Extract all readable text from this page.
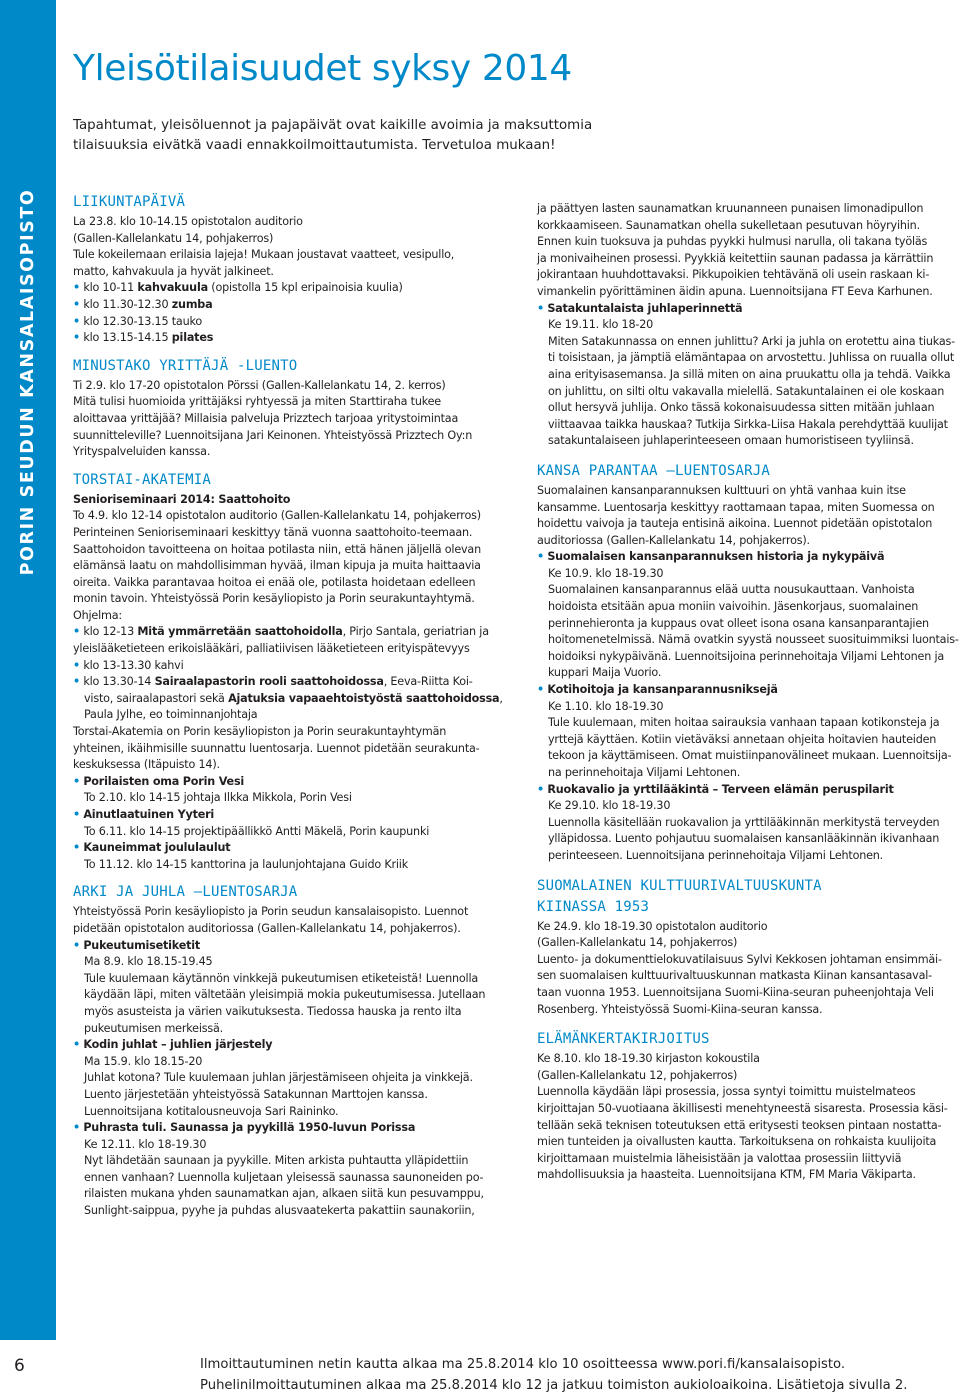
PORIN SEUDUN KANSALAISOPISTO
Yleisötilaisuudet syksy 2014
Tapahtumat, yleisöluennot ja pajapäivät ovat kaikille avoimia ja maksuttomia
tilaisuuksia eivätkä vaadi ennakkoilmoittautumista. Tervetuloa mukaan!
LIIKUNTAPÄIVÄ
La 23.8. klo 10-14.15 opistotalon auditorio
(Gallen-Kallelankatu 14, pohjakerros)
Tule kokeilemaan erilaisia lajeja! Mukaan joustavat vaatteet, vesipullo,
matto, kahvakuula ja hyvät jalkineet.
• klo 10-11 kahvakuula (opistolla 15 kpl eripainoisia kuulia)
• klo 11.30-12.30 zumba
• klo 12.30-13.15 tauko
• klo 13.15-14.15 pilates
MINUSTAKO YRITTÄJÄ -LUENTO
Ti 2.9. klo 17-20 opistotalon Pörssi (Gallen-Kallelankatu 14, 2. kerros)
Mitä tulisi huomioida yrittäjäksi ryhtyessä ja miten Starttiraha tukee
aloittavaa yrittäjää? Millaisia palveluja Prizztech tarjoaa yritystoimintaa
suunnitteleville? Luennoitsijana Jari Keinonen. Yhteistyössä Prizztech Oy:n
Yrityspalveluiden kanssa.
TORSTAI-AKATEMIA
Senioriseminaari 2014: Saattohoito
To 4.9. klo 12-14 opistotalon auditorio (Gallen-Kallelankatu 14, pohjakerros)
Perinteinen Senioriseminaari keskittyy tänä vuonna saattohoito-teemaan.
Saattohoidon tavoitteena on hoitaa potilasta niin, että hänen jäljellä olevan
elämänsä laatu on mahdollisimman hyvää, ilman kipuja ja muita haittaavia
oireita. Vaikka parantavaa hoitoa ei enää ole, potilasta hoidetaan edelleen
monin tavoin. Yhteistyössä Porin kesäyliopisto ja Porin seurakuntayhtymä.
Ohjelma:
• klo 12-13 Mitä ymmärretään saattohoidolla, Pirjo Santala, geriatrian ja
yleislääketieteen erikoislääkäri, palliatiivisen lääketieteen erityispätevyys
• klo 13-13.30 kahvi
• klo 13.30-14 Sairaalapastorin rooli saattohoidossa, Eeva-Riitta Koi-
visto, sairaalapastori sekä Ajatuksia vapaaehtoistyöstä saattohoidossa,
Paula Jylhe, eo toiminnanjohtaja
Torstai-Akatemia on Porin kesäyliopiston ja Porin seurakuntayhtymän
yhteinen, ikäihmisille suunnattu luentosarja. Luennot pidetään seurakunta-
keskuksessa (Itäpuisto 14).
• Porilaisten oma Porin Vesi
To 2.10. klo 14-15 johtaja Ilkka Mikkola, Porin Vesi
• Ainutlaatuinen Yyteri
To 6.11. klo 14-15 projektipäällikkö Antti Mäkelä, Porin kaupunki
• Kauneimmat joululaulut
To 11.12. klo 14-15 kanttorina ja laulunjohtajana Guido Kriik
ARKI JA JUHLA –LUENTOSARJA
Yhteistyössä Porin kesäyliopisto ja Porin seudun kansalaisopisto. Luennot
pidetään opistotalon auditoriossa (Gallen-Kallelankatu 14, pohjakerros).
• Pukeutumisetiketit
Ma 8.9. klo 18.15-19.45
Tule kuulemaan käytännön vinkkejä pukeutumisen etiketeistä! Luennolla
käydään läpi, miten vältetään yleisimpiä mokia pukeutumisessa. Jutellaan
myös asusteista ja värien vaikutuksesta. Tiedossa hauska ja rento ilta
pukeutumisen merkeissä.
• Kodin juhlat – juhlien järjestely
Ma 15.9. klo 18.15-20
Juhlat kotona? Tule kuulemaan juhlan järjestämiseen ohjeita ja vinkkejä.
Luento järjestetään yhteistyössä Satakunnan Marttojen kanssa.
Luennoitsijana kotitalousneuvoja Sari Raininko.
• Puhrasta tuli. Saunassa ja pyykillä 1950-luvun Porissa
Ke 12.11. klo 18-19.30
Nyt lähdetään saunaan ja pyykille. Miten arkista puhtautta ylläpidettiin
ennen vanhaan? Luennolla kuljetaan yleisessä saunassa saunoneiden po-
rilaisten mukana yhden saunamatkan ajan, alkaen siitä kun pesuvamppu,
Sunlight-saippua, pyyhe ja puhdas alusvaatekerta pakattiin saunakoriin,
ja päättyen lasten saunamatkan kruunanneen punaisen limonadipullon
korkkaamiseen. Saunamatkan ohella sukelletaan pesutuvan höyryihin.
Ennen kuin tuoksuva ja puhdas pyykki hulmusi narulla, oli takana työläs
ja monivaiheinen prosessi. Pyykkiä keitettiin saunan padassa ja kärrättiin
jokirantaan huuhdottavaksi. Pikkupoikien tehtävänä oli usein raskaan ki-
vimankelin pyörittäminen äidin apuna. Luennoitsijana FT Eeva Karhunen.
• Satakuntalaista juhlaperinnettä
Ke 19.11. klo 18-20
Miten Satakunnassa on ennen juhlittu? Arki ja juhla on erotettu aina tiukas-
ti toisistaan, ja jämptiä elämäntapaa on arvostettu. Juhlissa on ruualla ollut
aina erityisasemansa. Ja sillä miten on aina pruukattu olla ja tehdä. Vaikka
on juhlittu, on silti oltu vakavalla mielellä. Satakuntalainen ei ole koskaan
ollut hersyvä juhlija. Onko tässä kokonaisuudessa sitten mitään juhlaan
viittaavaa taikka hauskaa? Tutkija Sirkka-Liisa Hakala perehdyttää kuulijat
satakuntalaiseen juhlaperinteeseen omaan humoristiseen tyyliinsä.
KANSA PARANTAA –LUENTOSARJA
Suomalainen kansanparannuksen kulttuuri on yhtä vanhaa kuin itse
kansamme. Luentosarja keskittyy raottamaan tapaa, miten Suomessa on
hoidettu vaivoja ja tauteja entisinä aikoina. Luennot pidetään opistotalon
auditoriossa (Gallen-Kallelankatu 14, pohjakerros).
• Suomalaisen kansanparannuksen historia ja nykypäivä
Ke 10.9. klo 18-19.30
Suomalainen kansanparannus elää uutta nousukauttaan. Vanhoista
hoidoista etsitään apua moniin vaivoihin. Jäsenkorjaus, suomalainen
perinnehieronta ja kuppaus ovat olleet isona osana kansanparantajien
hoitomenetelmissä. Nämä ovatkin syystä nousseet suosituimmiksi luontais-
hoidoiksi nykypäivänä. Luennoitsijoina perinnehoitaja Viljami Lehtonen ja
kuppari Maija Vuorio.
• Kotihoitoja ja kansanparannusniksejä
Ke 1.10. klo 18-19.30
Tule kuulemaan, miten hoitaa sairauksia vanhaan tapaan kotikonsteja ja
yrttejä käyttäen. Kotiin vietäväksi annetaan ohjeita hoitavien hauteiden
tekoon ja käyttämiseen. Omat muistiinpanovälineet mukaan. Luennoitsija-
na perinnehoitaja Viljami Lehtonen.
• Ruokavalio ja yrttilääkintä – Terveen elämän peruspilarit
Ke 29.10. klo 18-19.30
Luennolla käsitellään ruokavalion ja yrttilääkinnän merkitystä terveyden
ylläpidossa. Luento pohjautuu suomalaisen kansanlääkinnän ikivanhaan
perinteeseen. Luennoitsijana perinnehoitaja Viljami Lehtonen.
SUOMALAINEN KULTTUURIVALTUUSKUNTA
KIINASSA 1953
Ke 24.9. klo 18-19.30 opistotalon auditorio
(Gallen-Kallelankatu 14, pohjakerros)
Luento- ja dokumenttielokuvatilaisuus Sylvi Kekkosen johtaman ensimmäi-
sen suomalaisen kulttuurivaltuuskunnan matkasta Kiinan kansantasaval-
taan vuonna 1953. Luennoitsijana Suomi-Kiina-seuran puheenjohtaja Veli
Rosenberg. Yhteistyössä Suomi-Kiina-seuran kanssa.
ELÄMÄNKERTAKIRJOITUS
Ke 8.10. klo 18-19.30 kirjaston kokoustila
(Gallen-Kallelankatu 12, pohjakerros)
Luennolla käydään läpi prosessia, jossa syntyi toimittu muistelmateos
kirjoittajan 50-vuotiaana äkillisesti menehtyneestä sisaresta. Prosessia käsi-
tellään sekä teknisen toteutuksen että eritysesti teoksen pintaan nostatta-
mien tunteiden ja oivallusten kautta. Tarkoituksena on rohkaista kuulijoita
kirjoittamaan muistelmia läheisistään ja valottaa prosessiin liittyviä
mahdollisuuksia ja haasteita. Luennoitsijana KTM, FM Maria Väkiparta.
6	Ilmoittautuminen netin kautta alkaa ma 25.8.2014 klo 10 osoitteessa www.pori.fi/kansalaisopisto.
Puhelinilmoittautuminen alkaa ma 25.8.2014 klo 12 ja jatkuu toimiston aukioloaikoina. Lisätietoja sivulla 2.
